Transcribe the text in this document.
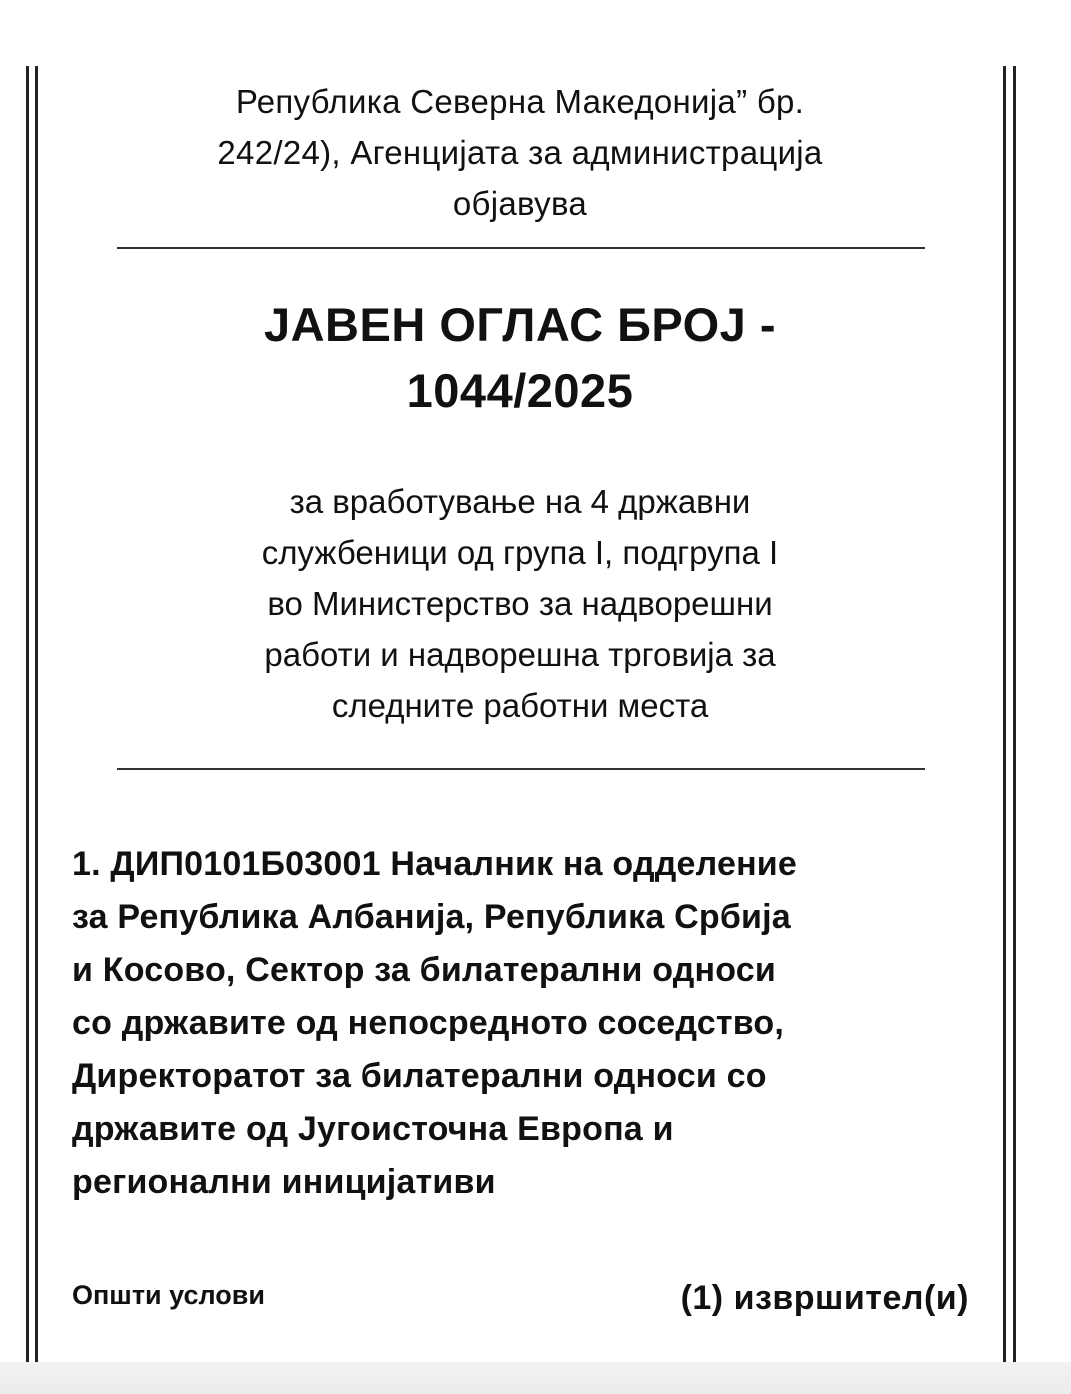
Република Северна Македонија” бр.
242/24), Агенцијата за администрација
објавува
ЈАВЕН ОГЛАС БРОЈ -
1044/2025
за вработување на 4 државни
службеници од група I, подгрупа I
во Министерство за надворешни
работи и надворешна трговија за
следните работни места
1. ДИП0101Б03001 Началник на одделение
за Република Албанија, Република Србија
и Косово, Сектор за билатерални односи
со државите од непосредното соседство,
Директоратот за билатерални односи со
државите од Југоисточна Европа и
регионални иницијативи
Општи услови	(1) извршител(и)
